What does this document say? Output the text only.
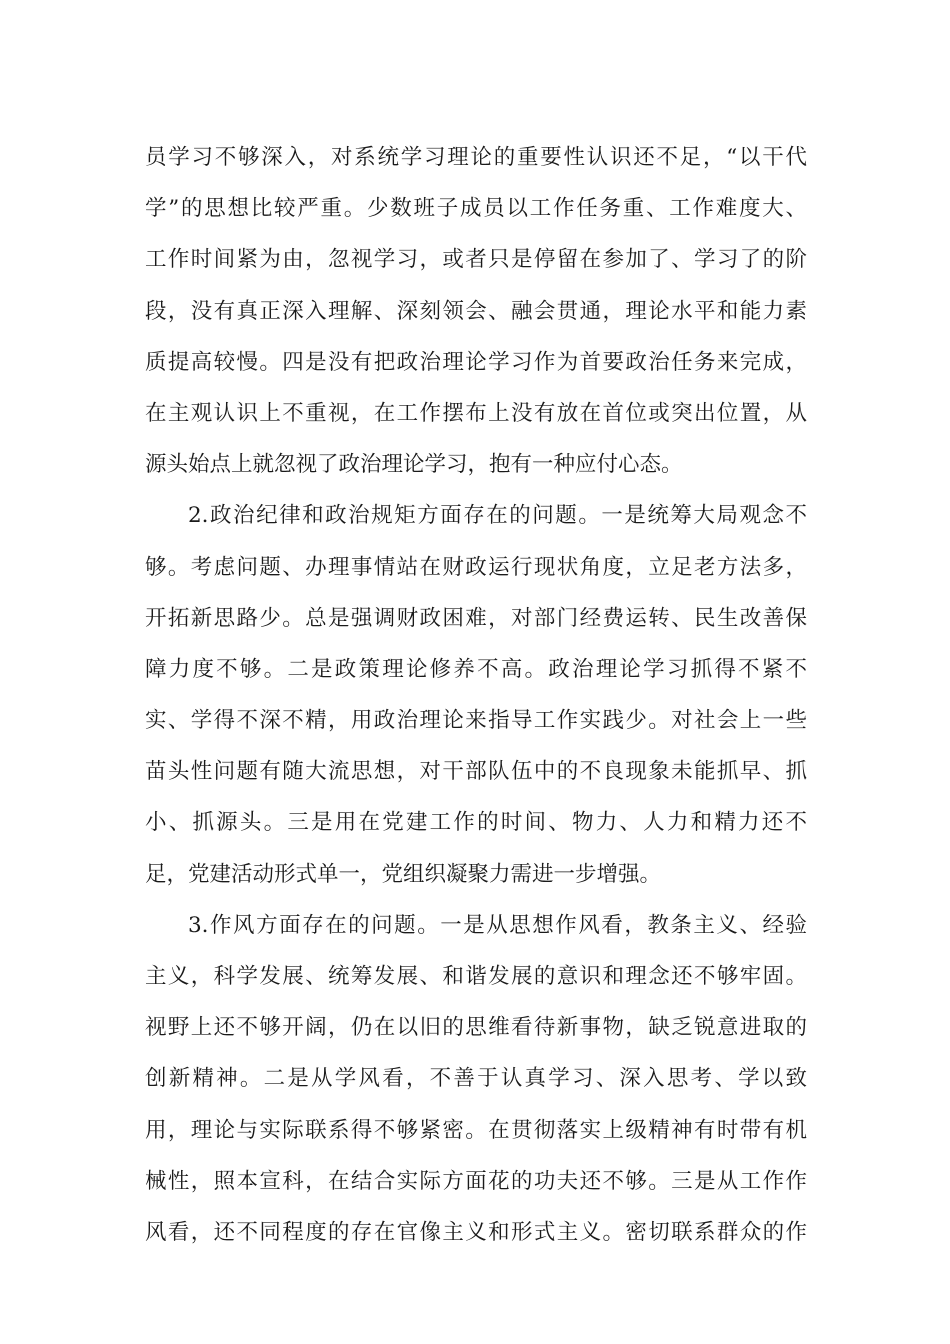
员学习不够深入，对系统学习理论的重要性认识还不足，“以干代
学”的思想比较严重。少数班子成员以工作任务重、工作难度大、
工作时间紧为由，忽视学习，或者只是停留在参加了、学习了的阶
段，没有真正深入理解、深刻领会、融会贯通，理论水平和能力素
质提高较慢。四是没有把政治理论学习作为首要政治任务来完成，
在主观认识上不重视，在工作摆布上没有放在首位或突出位置，从
源头始点上就忽视了政治理论学习，抱有一种应付心态。
2.政治纪律和政治规矩方面存在的问题。一是统筹大局观念不
够。考虑问题、办理事情站在财政运行现状角度，立足老方法多，
开拓新思路少。总是强调财政困难，对部门经费运转、民生改善保
障力度不够。二是政策理论修养不高。政治理论学习抓得不紧不
实、学得不深不精，用政治理论来指导工作实践少。对社会上一些
苗头性问题有随大流思想，对干部队伍中的不良现象未能抓早、抓
小、抓源头。三是用在党建工作的时间、物力、人力和精力还不
足，党建活动形式单一，党组织凝聚力需进一步增强。
3.作风方面存在的问题。一是从思想作风看，教条主义、经验
主义，科学发展、统筹发展、和谐发展的意识和理念还不够牢固。
视野上还不够开阔，仍在以旧的思维看待新事物，缺乏锐意进取的
创新精神。二是从学风看，不善于认真学习、深入思考、学以致
用，理论与实际联系得不够紧密。在贯彻落实上级精神有时带有机
械性，照本宣科，在结合实际方面花的功夫还不够。三是从工作作
风看，还不同程度的存在官像主义和形式主义。密切联系群众的作
